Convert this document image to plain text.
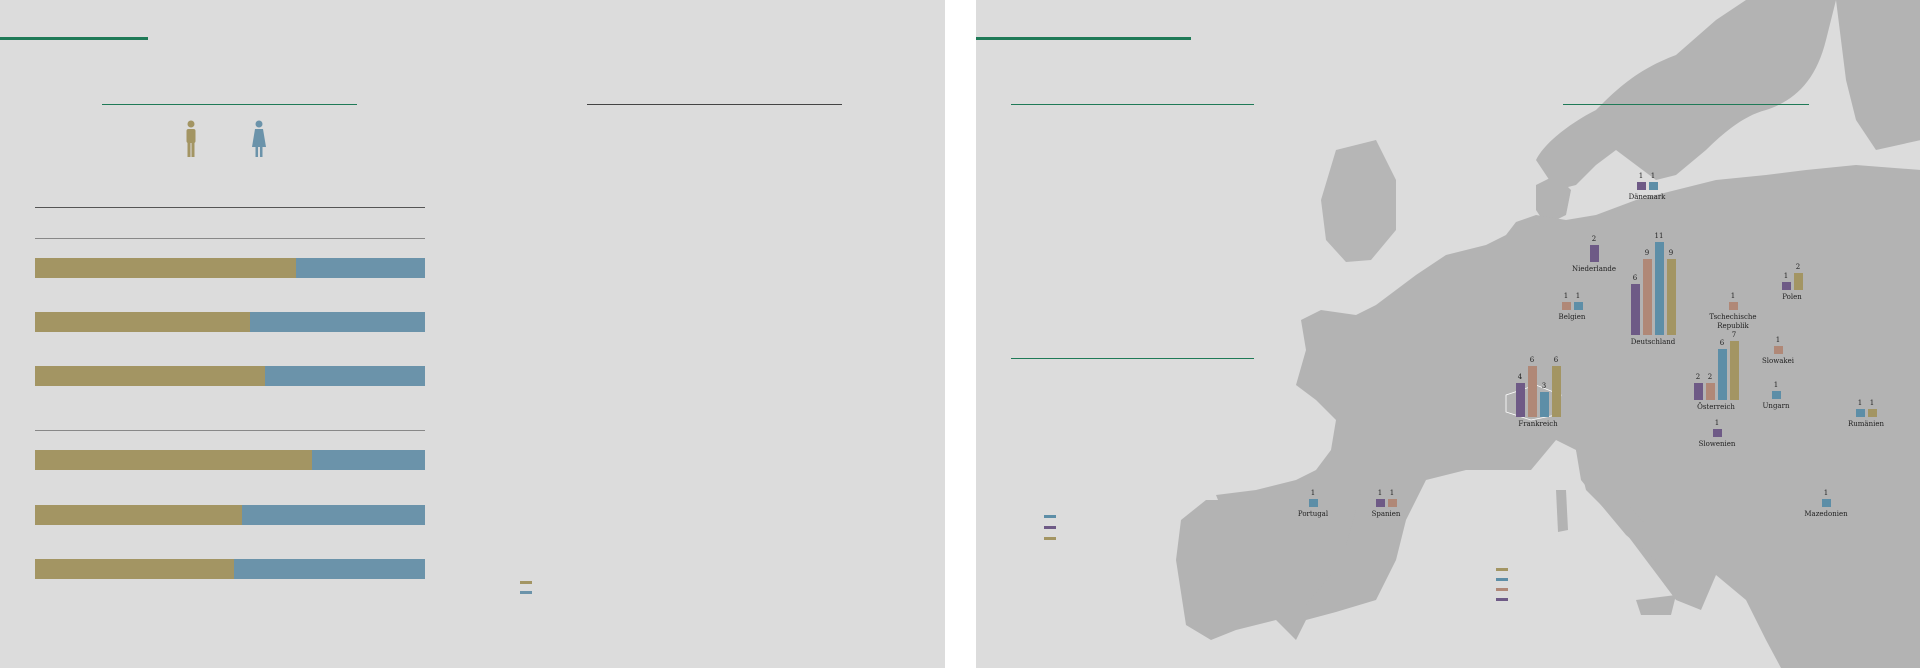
1	1
Dänemark
2
Niederlande
1	1
Belgien
6
9
11
9
Deutschland
1
2
Polen
1
Tschechische Republik
1
Slowakei
4
6
3
6
Frankreich
2	2
6
7
Österreich
1
Ungarn	1	1
Rumänien
1
Slowenien
1
Portugal
1	1
Spanien
1
Mazedonien
